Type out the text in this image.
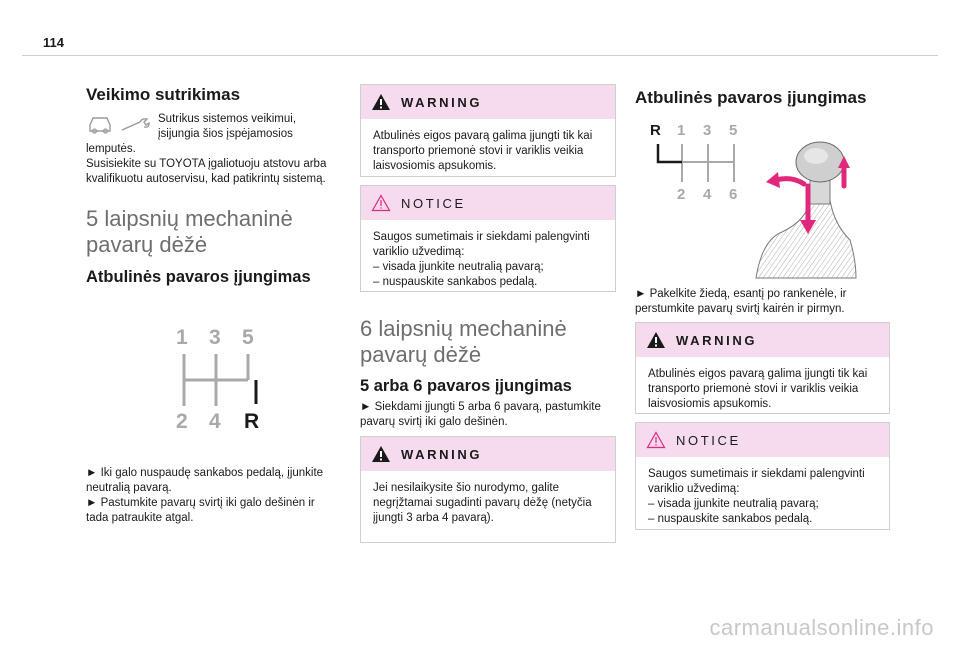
114
Veikimo sutrikimas
Sutrikus sistemos veikimui,
įsijungia šios įspėjamosios
lemputės.
Susisiekite su TOYOTA įgaliotuoju atstovu arba
kvalifikuotu autoservisu, kad patikrintų sistemą.
5 laipsnių mechaninė
pavarų dėžė
Atbulinės pavaros įjungimas
1 3 5
2 4 R
► Iki galo nuspaudę sankabos pedalą, įjunkite
neutralią pavarą.
► Pastumkite pavarų svirtį iki galo dešinėn ir
tada patraukite atgal.
WARNING

Atbulinės eigos pavarą galima įjungti tik kai

transporto priemonė stovi ir variklis veikia

laisvosiomis apsukomis.

NOTICE

Saugos sumetimais ir siekdami palengvinti

variklio užvedimą:

– visada įjunkite neutralią pavarą;

– nuspauskite sankabos pedalą.

6 laipsnių mechaninė
pavarų dėžė
5 arba 6 pavaros įjungimas
► Siekdami įjungti 5 arba 6 pavarą, pastumkite
pavarų svirtį iki galo dešinėn.
WARNING

Jei nesilaikysite šio nurodymo, galite

negrįžtamai sugadinti pavarų dėžę (netyčia

įjungti 3 arba 4 pavarą).

Atbulinės pavaros įjungimas
R 1 3 5
2 4 6
► Pakelkite žiedą, esantį po rankenėle, ir
perstumkite pavarų svirtį kairėn ir pirmyn.
WARNING

Atbulinės eigos pavarą galima įjungti tik kai

transporto priemonė stovi ir variklis veikia

laisvosiomis apsukomis.

NOTICE

Saugos sumetimais ir siekdami palengvinti

variklio užvedimą:

– visada įjunkite neutralią pavarą;

– nuspauskite sankabos pedalą.

carmanualsonline.info
